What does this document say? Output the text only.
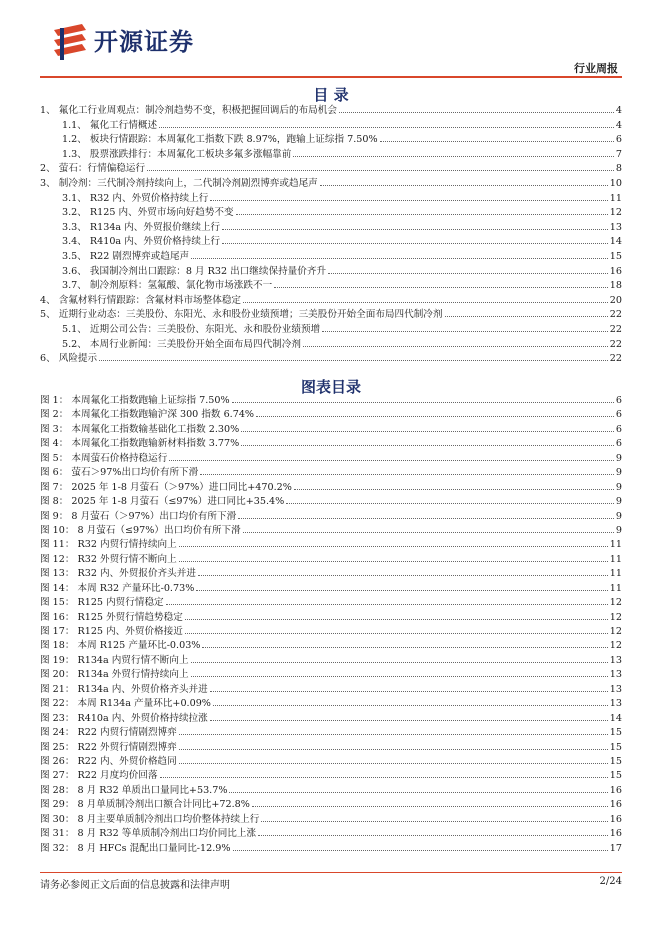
开源证券
行业周报
目 录
1、 氟化工行业周观点：制冷剂趋势不变，积极把握回调后的布局机会	4
1.1、 氟化工行情概述	4
1.2、 板块行情跟踪：本周氟化工指数下跌 8.97%，跑输上证综指 7.50%	6
1.3、 股票涨跌排行：本周氟化工板块多氟多涨幅靠前	7
2、 萤石：行情偏稳运行	8
3、 制冷剂：三代制冷剂持续向上，二代制冷剂剧烈博弈或趋尾声	10
3.1、 R32 内、外贸价格持续上行	11
3.2、 R125 内、外贸市场向好趋势不变	12
3.3、 R134a 内、外贸报价继续上行	13
3.4、 R410a 内、外贸价格持续上行	14
3.5、 R22 剧烈博弈或趋尾声	15
3.6、 我国制冷剂出口跟踪：8 月 R32 出口继续保持量价齐升	16
3.7、 制冷剂原料：氢氟酸、氯化物市场涨跌不一	18
4、 含氟材料行情跟踪：含氟材料市场整体稳定	20
5、 近期行业动态：三美股份、东阳光、永和股份业绩预增；三美股份开始全面布局四代制冷剂	22
5.1、 近期公司公告：三美股份、东阳光、永和股份业绩预增	22
5.2、 本周行业新闻：三美股份开始全面布局四代制冷剂	22
6、 风险提示	22
图表目录
图 1： 本周氟化工指数跑输上证综指 7.50%	6
图 2： 本周氟化工指数跑输沪深 300 指数 6.74%	6
图 3： 本周氟化工指数输基础化工指数 2.30%	6
图 4： 本周氟化工指数跑输新材料指数 3.77%	6
图 5： 本周萤石价格持稳运行	9
图 6： 萤石＞97%出口均价有所下滑	9
图 7： 2025 年 1-8 月萤石（＞97%）进口同比+470.2%	9
图 8： 2025 年 1-8 月萤石（≤97%）进口同比+35.4%	9
图 9： 8 月萤石（＞97%）出口均价有所下滑	9
图 10： 8 月萤石（≤97%）出口均价有所下滑	9
图 11： R32 内贸行情持续向上	11
图 12： R32 外贸行情不断向上	11
图 13： R32 内、外贸报价齐头并进	11
图 14： 本周 R32 产量环比-0.73%	11
图 15： R125 内贸行情稳定	12
图 16： R125 外贸行情趋势稳定	12
图 17： R125 内、外贸价格接近	12
图 18： 本周 R125 产量环比-0.03%	12
图 19： R134a 内贸行情不断向上	13
图 20： R134a 外贸行情持续向上	13
图 21： R134a 内、外贸价格齐头并进	13
图 22： 本周 R134a 产量环比+0.09%	13
图 23： R410a 内、外贸价格持续拉涨	14
图 24： R22 内贸行情剧烈博弈	15
图 25： R22 外贸行情剧烈博弈	15
图 26： R22 内、外贸价格趋同	15
图 27： R22 月度均价回落	15
图 28： 8 月 R32 单质出口量同比+53.7%	16
图 29： 8 月单质制冷剂出口额合计同比+72.8%	16
图 30： 8 月主要单质制冷剂出口均价整体持续上行	16
图 31： 8 月 R32 等单质制冷剂出口均价同比上涨	16
图 32： 8 月 HFCs 混配出口量同比-12.9%	17
请务必参阅正文后面的信息披露和法律声明	2/24
